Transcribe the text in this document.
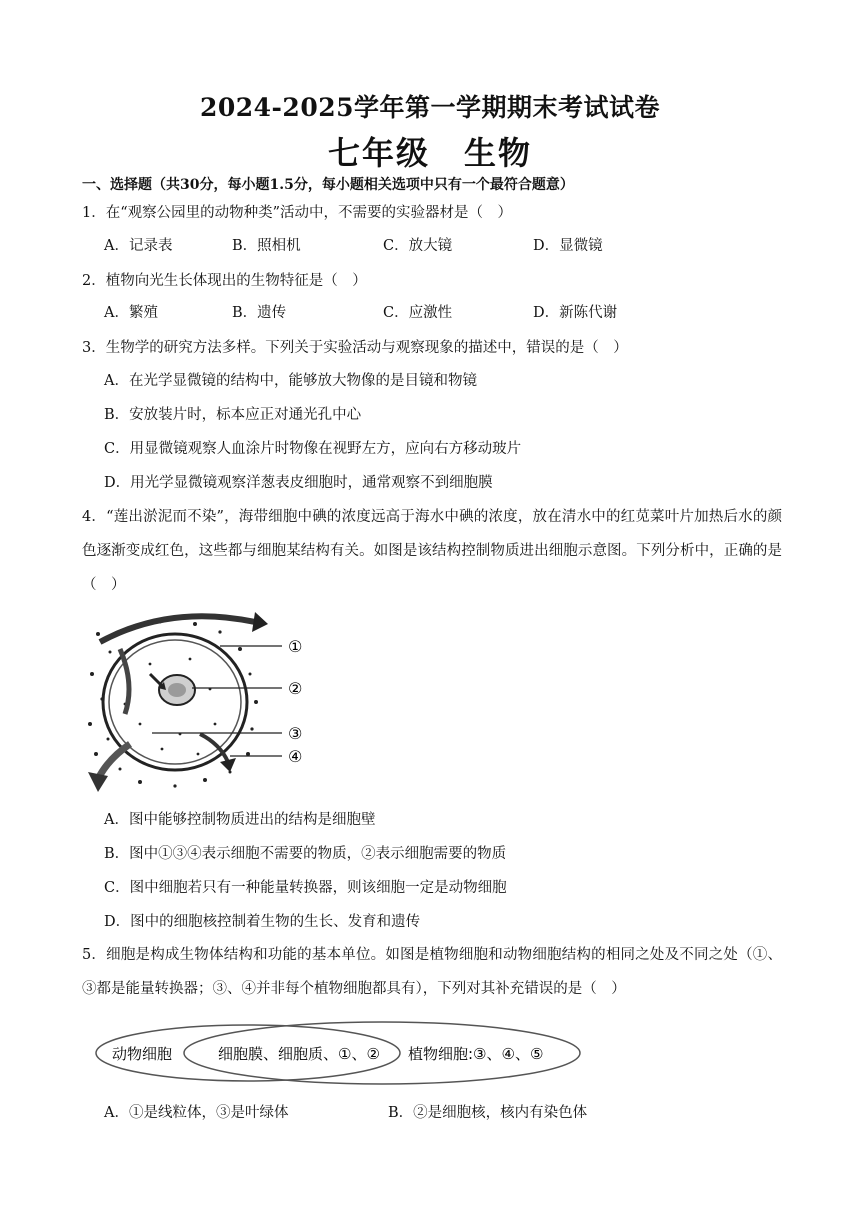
2024-2025学年第一学期期末考试试卷
七年级　生物
一、选择题（共30分，每小题1.5分，每小题相关选项中只有一个最符合题意）
1．在“观察公园里的动物种类”活动中，不需要的实验器材是（　）
A．记录表	B．照相机	C．放大镜	D．显微镜
2．植物向光生长体现出的生物特征是（　）
A．繁殖	B．遗传	C．应激性	D．新陈代谢
3．生物学的研究方法多样。下列关于实验活动与观察现象的描述中，错误的是（　）
A．在光学显微镜的结构中，能够放大物像的是目镜和物镜
B．安放装片时，标本应正对通光孔中心
C．用显微镜观察人血涂片时物像在视野左方，应向右方移动玻片
D．用光学显微镜观察洋葱表皮细胞时，通常观察不到细胞膜
4．“莲出淤泥而不染”，海带细胞中碘的浓度远高于海水中碘的浓度，放在清水中的红苋菜叶片加热后水的颜色逐渐变成红色，这些都与细胞某结构有关。如图是该结构控制物质进出细胞示意图。下列分析中，正确的是（　）
①
②
③
④
A．图中能够控制物质进出的结构是细胞壁
B．图中①③④表示细胞不需要的物质，②表示细胞需要的物质
C．图中细胞若只有一种能量转换器，则该细胞一定是动物细胞
D．图中的细胞核控制着生物的生长、发育和遗传
5．细胞是构成生物体结构和功能的基本单位。如图是植物细胞和动物细胞结构的相同之处及不同之处（①、③都是能量转换器；③、④并非每个植物细胞都具有），下列对其补充错误的是（　）
动物细胞	细胞膜、细胞质、①、② 植物细胞:③、④、⑤
A．①是线粒体，③是叶绿体	B．②是细胞核，核内有染色体
